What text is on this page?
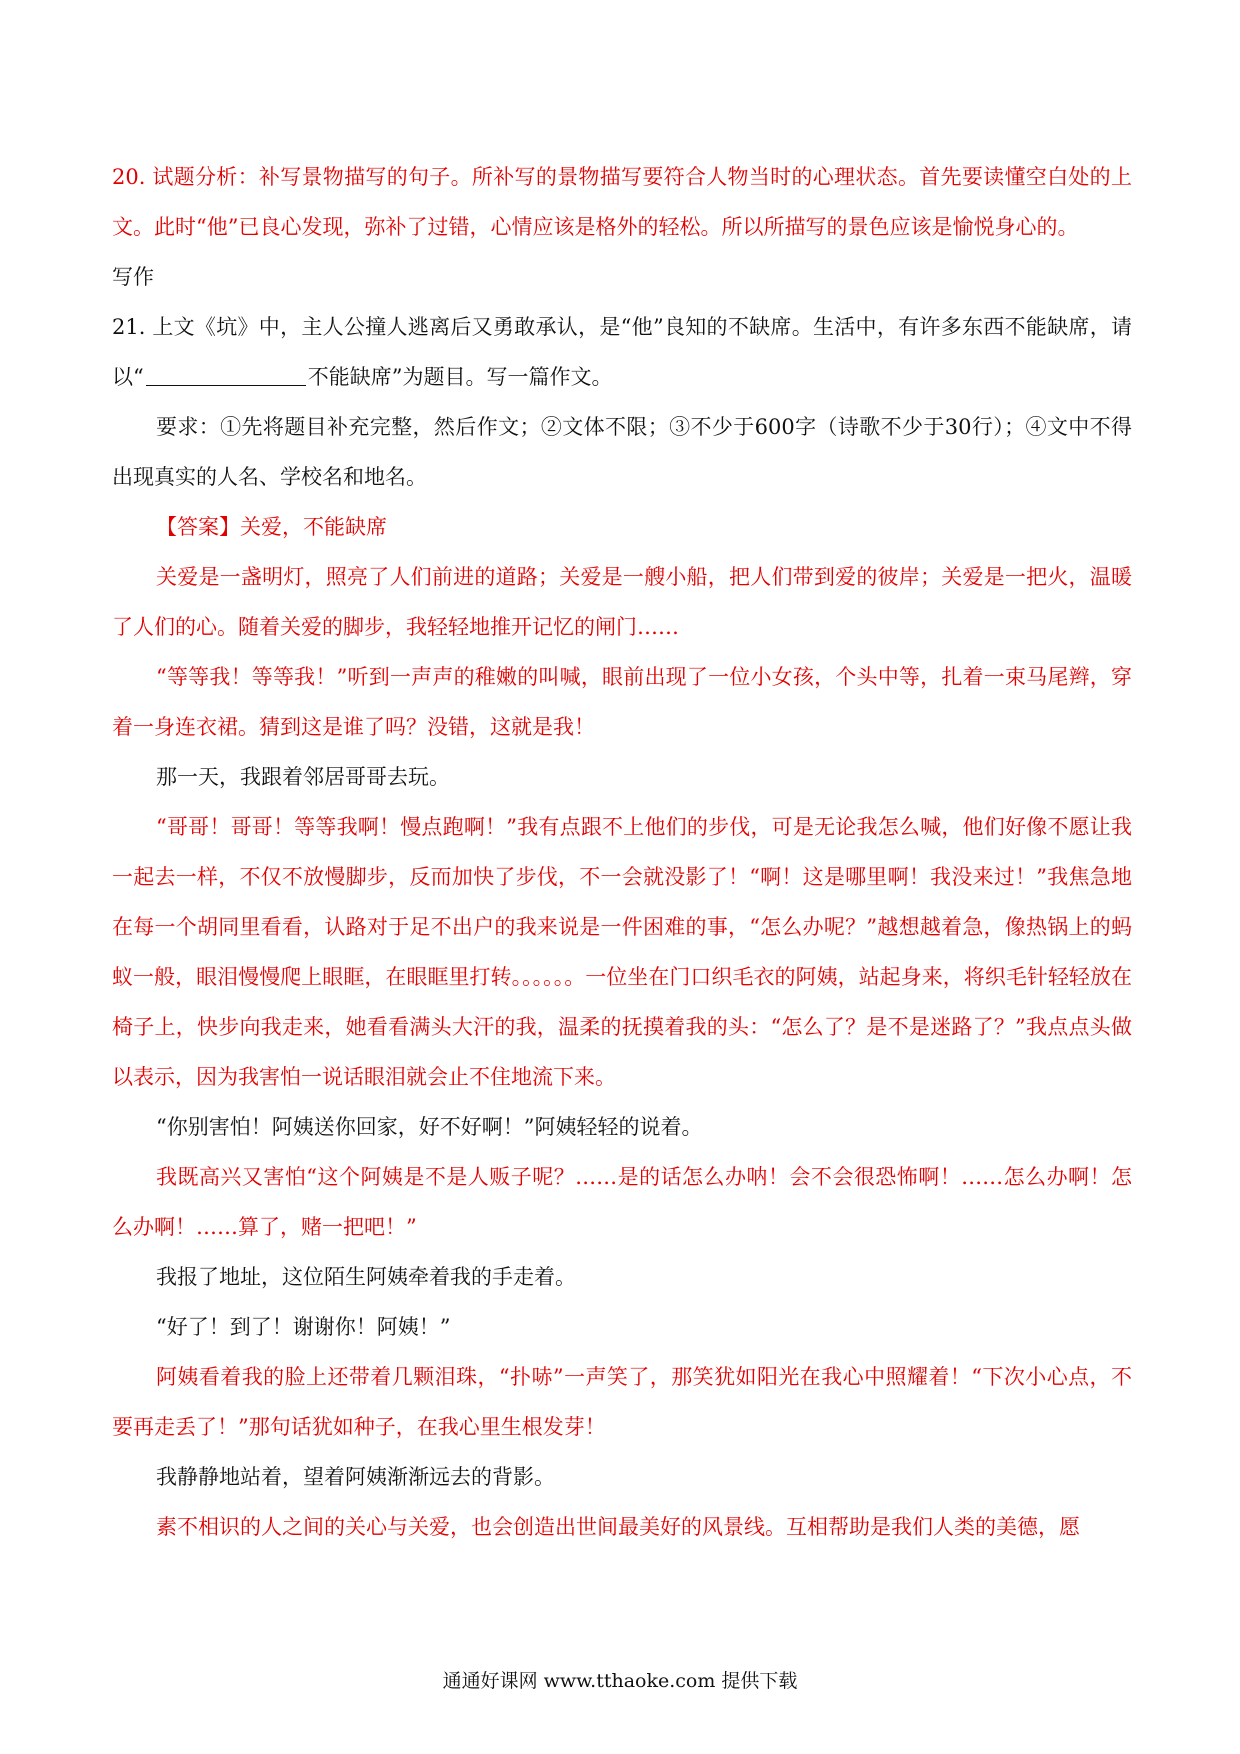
20. 试题分析：补写景物描写的句子。所补写的景物描写要符合人物当时的心理状态。首先要读懂空白处的上文。此时“他”已良心发现，弥补了过错，心情应该是格外的轻松。所以所描写的景色应该是愉悦身心的。

写作

21. 上文《坑》中，主人公撞人逃离后又勇敢承认，是“他”良知的不缺席。生活中，有许多东西不能缺席，请以“	不能缺席”为题目。写一篇作文。

要求：①先将题目补充完整，然后作文；②文体不限；③不少于600字（诗歌不少于30行）；④文中不得出现真实的人名、学校名和地名。

【答案】关爱，不能缺席

关爱是一盏明灯，照亮了人们前进的道路；关爱是一艘小船，把人们带到爱的彼岸；关爱是一把火，温暖了人们的心。随着关爱的脚步，我轻轻地推开记忆的闸门……

“等等我！等等我！”听到一声声的稚嫩的叫喊，眼前出现了一位小女孩，个头中等，扎着一束马尾辫，穿着一身连衣裙。猜到这是谁了吗？没错，这就是我！

那一天，我跟着邻居哥哥去玩。

“哥哥！哥哥！等等我啊！慢点跑啊！”我有点跟不上他们的步伐，可是无论我怎么喊，他们好像不愿让我一起去一样，不仅不放慢脚步，反而加快了步伐，不一会就没影了！“啊！这是哪里啊！我没来过！”我焦急地在每一个胡同里看看，认路对于足不出户的我来说是一件困难的事，“怎么办呢？”越想越着急，像热锅上的蚂蚁一般，眼泪慢慢爬上眼眶，在眼眶里打转。。。。。。一位坐在门口织毛衣的阿姨，站起身来，将织毛针轻轻放在椅子上，快步向我走来，她看看满头大汗的我，温柔的抚摸着我的头：“怎么了？是不是迷路了？”我点点头做以表示，因为我害怕一说话眼泪就会止不住地流下来。

“你别害怕！阿姨送你回家，好不好啊！”阿姨轻轻的说着。

我既高兴又害怕“这个阿姨是不是人贩子呢？……是的话怎么办呐！会不会很恐怖啊！……怎么办啊！怎么办啊！……算了，赌一把吧！”

我报了地址，这位陌生阿姨牵着我的手走着。

“好了！到了！谢谢你！阿姨！”

阿姨看着我的脸上还带着几颗泪珠，“扑哧”一声笑了，那笑犹如阳光在我心中照耀着！“下次小心点，不要再走丢了！”那句话犹如种子，在我心里生根发芽！

我静静地站着，望着阿姨渐渐远去的背影。

素不相识的人之间的关心与关爱，也会创造出世间最美好的风景线。互相帮助是我们人类的美德，愿

通通好课网 www.tthaoke.com 提供下载
